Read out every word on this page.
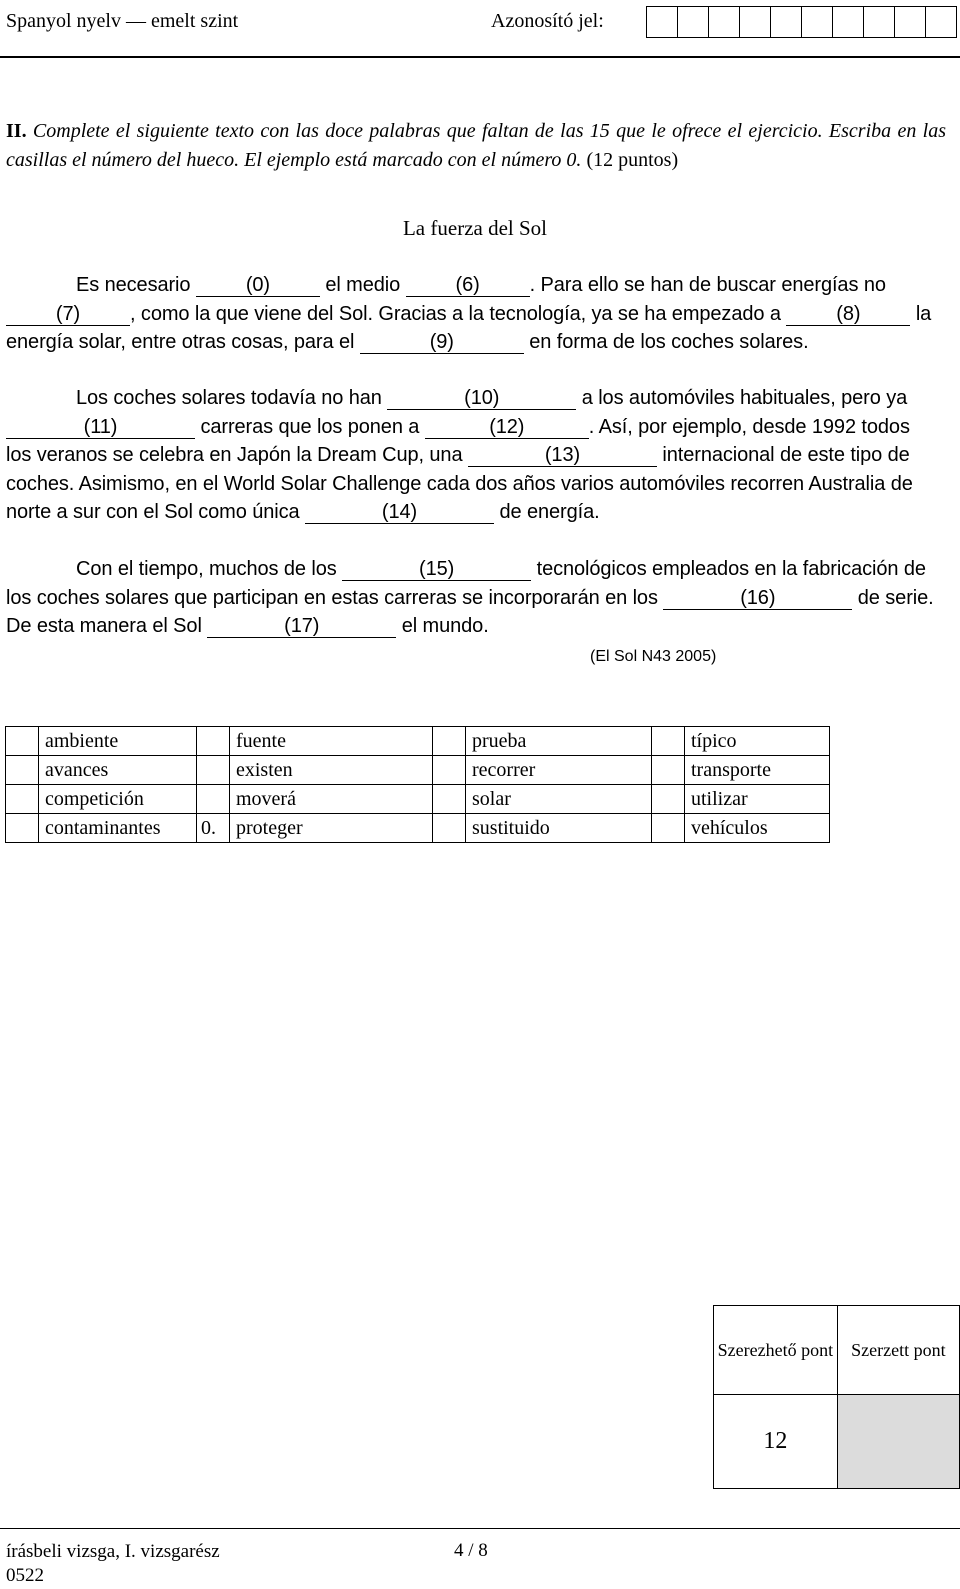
Spanyol nyelv — emelt szint	Azonosító jel:
II. Complete el siguiente texto con las doce palabras que faltan de las 15 que le ofrece el ejercicio. Escriba en las casillas el número del hueco. El ejemplo está marcado con el número 0. (12 puntos)
La fuerza del Sol
Es necesario	(0)	el medio	(6) . Para ello se han de buscar energías no (7) , como la que viene del Sol. Gracias a la tecnología, ya se ha empezado a	(8)	la energía solar, entre otras cosas, para el	(9)	en forma de los coches solares.
Los coches solares todavía no han	(10)	a los automóviles habituales, pero ya (11)	carreras que los ponen a	(12)	. Así, por ejemplo, desde 1992 todos los veranos se celebra en Japón la Dream Cup, una	(13)	internacional de este tipo de coches. Asimismo, en el World Solar Challenge cada dos años varios automóviles recorren Australia de norte a sur con el Sol como única	(14)	de energía.
Con el tiempo, muchos de los	(15)	tecnológicos empleados en la fabricación de los coches solares que participan en estas carreras se incorporarán en los	(16)	de serie. De esta manera el Sol	(17)	el mundo.
(El Sol N43 2005)
	ambiente		fuente		prueba		típico
	avances		existen		recorrer		transporte
	competición		moverá		solar		utilizar
	contaminantes	0.	proteger		sustituido		vehículos
Szerezhető pont	Szerzett pont
12	
írásbeli vizsga, I. vizsgarész
0522
4 / 8
